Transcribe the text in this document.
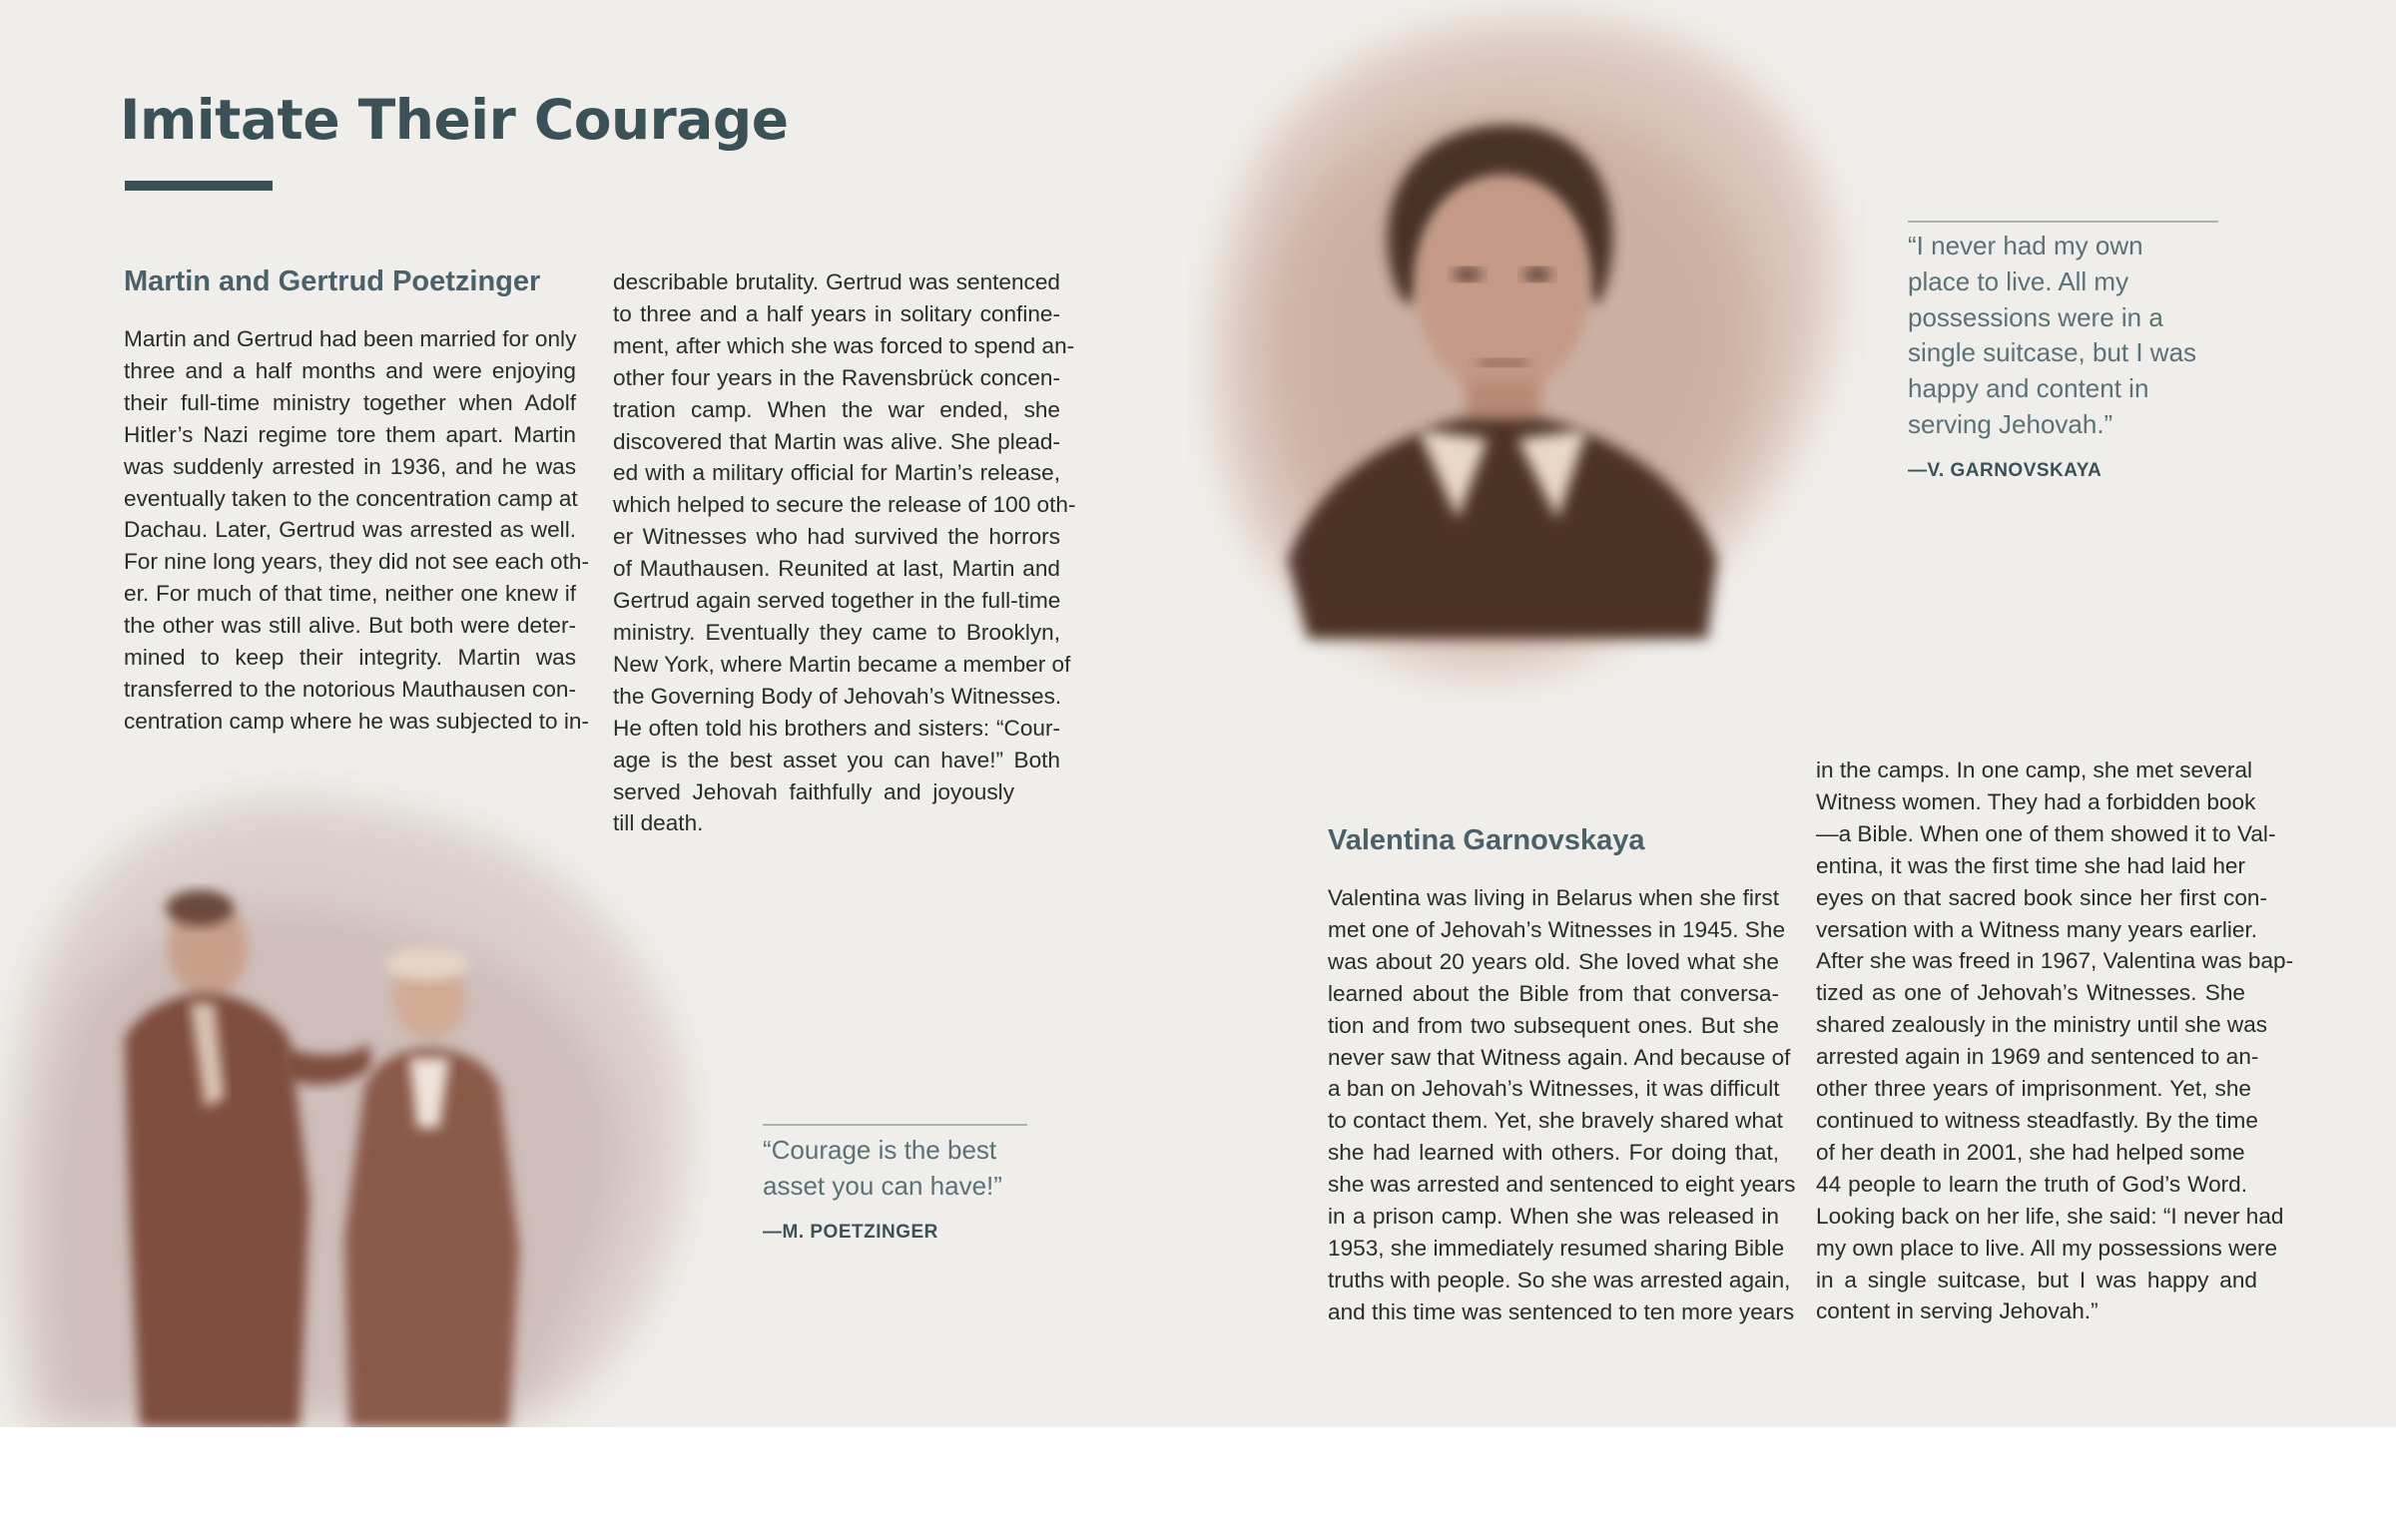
Imitate Their Courage
Martin and Gertrud Poetzinger
Martin and Gertrud had been married for only
three and a half months and were enjoying
their full-time ministry together when Adolf
Hitler’s Nazi regime tore them apart. Martin
was suddenly arrested in 1936, and he was
eventually taken to the concentration camp at
Dachau. Later, Gertrud was arrested as well.
For nine long years, they did not see each oth-
er. For much of that time, neither one knew if
the other was still alive. But both were deter-
mined to keep their integrity. Martin was
transferred to the notorious Mauthausen con-
centration camp where he was subjected to in-
describable brutality. Gertrud was sentenced
to three and a half years in solitary confine-
ment, after which she was forced to spend an-
other four years in the Ravensbrück concen-
tration camp. When the war ended, she
discovered that Martin was alive. She plead-
ed with a military official for Martin’s release,
which helped to secure the release of 100 oth-
er Witnesses who had survived the horrors
of Mauthausen. Reunited at last, Martin and
Gertrud again served together in the full-time
ministry. Eventually they came to Brooklyn,
New York, where Martin became a member of
the Governing Body of Jehovah’s Witnesses.
He often told his brothers and sisters: “Cour-
age is the best asset you can have!” Both
served Jehovah faithfully and joyously
till death.
“Courage is the best
asset you can have!”
—M. POETZINGER
“I never had my own
place to live. All my
possessions were in a
single suitcase, but I was
happy and content in
serving Jehovah.”
—V. GARNOVSKAYA
Valentina Garnovskaya
Valentina was living in Belarus when she first
met one of Jehovah’s Witnesses in 1945. She
was about 20 years old. She loved what she
learned about the Bible from that conversa-
tion and from two subsequent ones. But she
never saw that Witness again. And because of
a ban on Jehovah’s Witnesses, it was difficult
to contact them. Yet, she bravely shared what
she had learned with others. For doing that,
she was arrested and sentenced to eight years
in a prison camp. When she was released in
1953, she immediately resumed sharing Bible
truths with people. So she was arrested again,
and this time was sentenced to ten more years
in the camps. In one camp, she met several
Witness women. They had a forbidden book
—a Bible. When one of them showed it to Val-
entina, it was the first time she had laid her
eyes on that sacred book since her first con-
versation with a Witness many years earlier.
After she was freed in 1967, Valentina was bap-
tized as one of Jehovah’s Witnesses. She
shared zealously in the ministry until she was
arrested again in 1969 and sentenced to an-
other three years of imprisonment. Yet, she
continued to witness steadfastly. By the time
of her death in 2001, she had helped some
44 people to learn the truth of God’s Word.
Looking back on her life, she said: “I never had
my own place to live. All my possessions were
in a single suitcase, but I was happy and
content in serving Jehovah.”
